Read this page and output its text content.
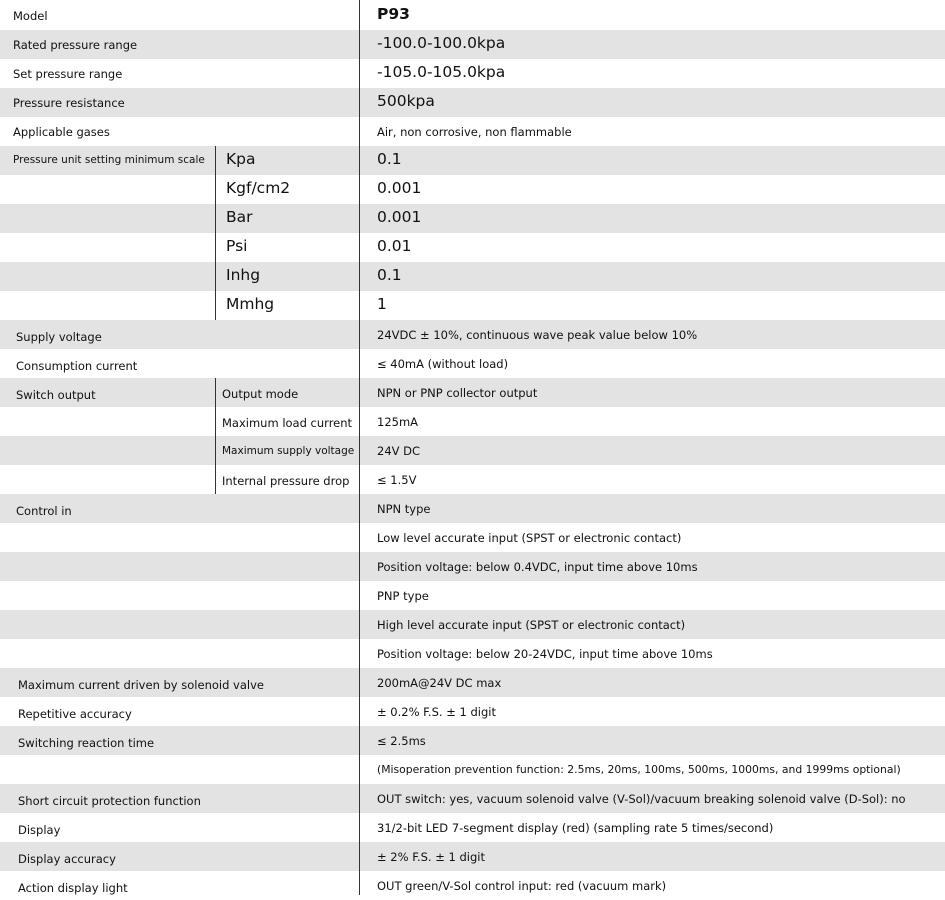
Model	P93
Rated pressure range	-100.0-100.0kpa
Set pressure range	-105.0-105.0kpa
Pressure resistance	500kpa
Applicable gases	Air, non corrosive, non flammable
Pressure unit setting minimum scale Kpa	0.1
Kgf/cm2	0.001
Bar	0.001
Psi	0.01
Inhg	0.1
Mmhg	1
Supply voltage	24VDC ± 10%, continuous wave peak value below 10%
Consumption current	≤ 40mA (without load)
Switch output	Output mode	NPN or PNP collector output
Maximum load current 125mA
Maximum supply voltage 24V DC
Internal pressure drop ≤ 1.5V
Control in	NPN type
Low level accurate input (SPST or electronic contact)
Position voltage: below 0.4VDC, input time above 10ms
PNP type
High level accurate input (SPST or electronic contact)
Position voltage: below 20-24VDC, input time above 10ms
Maximum current driven by solenoid valve	200mA@24V DC max
Repetitive accuracy	± 0.2% F.S. ± 1 digit
Switching reaction time	≤ 2.5ms
(Misoperation prevention function: 2.5ms, 20ms, 100ms, 500ms, 1000ms, and 1999ms optional)
Short circuit protection function	OUT switch: yes, vacuum solenoid valve (V-Sol)/vacuum breaking solenoid valve (D-Sol): no
Display	31/2-bit LED 7-segment display (red) (sampling rate 5 times/second)
Display accuracy	± 2% F.S. ± 1 digit
Action display light	OUT green/V-Sol control input: red (vacuum mark)
